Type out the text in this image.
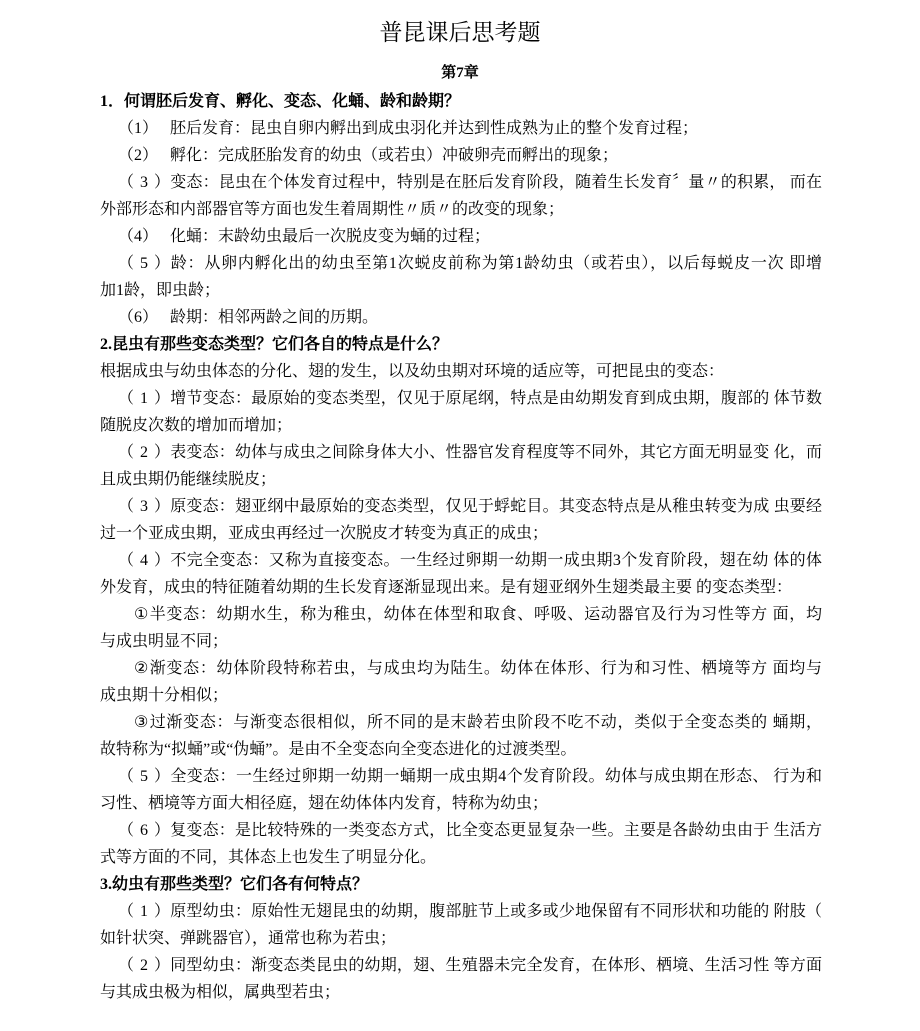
普昆课后思考题
第7章
1．何谓胚后发育、孵化、变态、化蛹、龄和龄期？
（1） 胚后发育：昆虫自卵内孵出到成虫羽化并达到性成熟为止的整个发育过程；
（2） 孵化：完成胚胎发育的幼虫（或若虫）冲破卵壳而孵出的现象；
（3）变态：昆虫在个体发育过程中，特别是在胚后发育阶段，随着生长发育〞量〃的积累， 而在
外部形态和内部器官等方面也发生着周期性〃质〃的改变的现象；
（4） 化蛹：末龄幼虫最后一次脱皮变为蛹的过程；
（5）龄：从卵内孵化出的幼虫至第1次蜕皮前称为第1龄幼虫（或若虫），以后每蜕皮一次 即增
加1龄，即虫龄；
（6） 龄期：相邻两龄之间的历期。
2.昆虫有那些变态类型？它们各自的特点是什么？
根据成虫与幼虫体态的分化、翅的发生，以及幼虫期对环境的适应等，可把昆虫的变态：
（1）增节变态：最原始的变态类型，仅见于原尾纲，特点是由幼期发育到成虫期，腹部的 体节数
随脱皮次数的增加而增加；
（2）表变态：幼体与成虫之间除身体大小、性器官发育程度等不同外，其它方面无明显变 化，而
且成虫期仍能继续脱皮；
（3）原变态：翅亚纲中最原始的变态类型，仅见于蜉蛇目。其变态特点是从稚虫转变为成 虫要经
过一个亚成虫期，亚成虫再经过一次脱皮才转变为真正的成虫；
（4）不完全变态：又称为直接变态。一生经过卵期一幼期一成虫期3个发育阶段，翅在幼 体的体
外发育，成虫的特征随着幼期的生长发育逐渐显现出来。是有翅亚纲外生翅类最主要 的变态类型：
①半变态：幼期水生，称为稚虫，幼体在体型和取食、呼吸、运动器官及行为习性等方 面，均
与成虫明显不同；
②渐变态：幼体阶段特称若虫，与成虫均为陆生。幼体在体形、行为和习性、栖境等方 面均与
成虫期十分相似；
③过渐变态：与渐变态很相似，所不同的是末龄若虫阶段不吃不动，类似于全变态类的 蛹期，
故特称为“拟蛹”或“伪蛹”。是由不全变态向全变态进化的过渡类型。
（5）全变态：一生经过卵期一幼期一蛹期一成虫期4个发育阶段。幼体与成虫期在形态、 行为和
习性、栖境等方面大相径庭，翅在幼体体内发育，特称为幼虫；
（6）复变态：是比较特殊的一类变态方式，比全变态更显复杂一些。主要是各龄幼虫由于 生活方
式等方面的不同，其体态上也发生了明显分化。
3.幼虫有那些类型？它们各有何特点？
（1）原型幼虫：原始性无翅昆虫的幼期，腹部脏节上或多或少地保留有不同形状和功能的 附肢（
如针状突、弹跳器官），通常也称为若虫；
（2）同型幼虫：渐变态类昆虫的幼期，翅、生殖器未完全发育，在体形、栖境、生活习性 等方面
与其成虫极为相似，属典型若虫；
